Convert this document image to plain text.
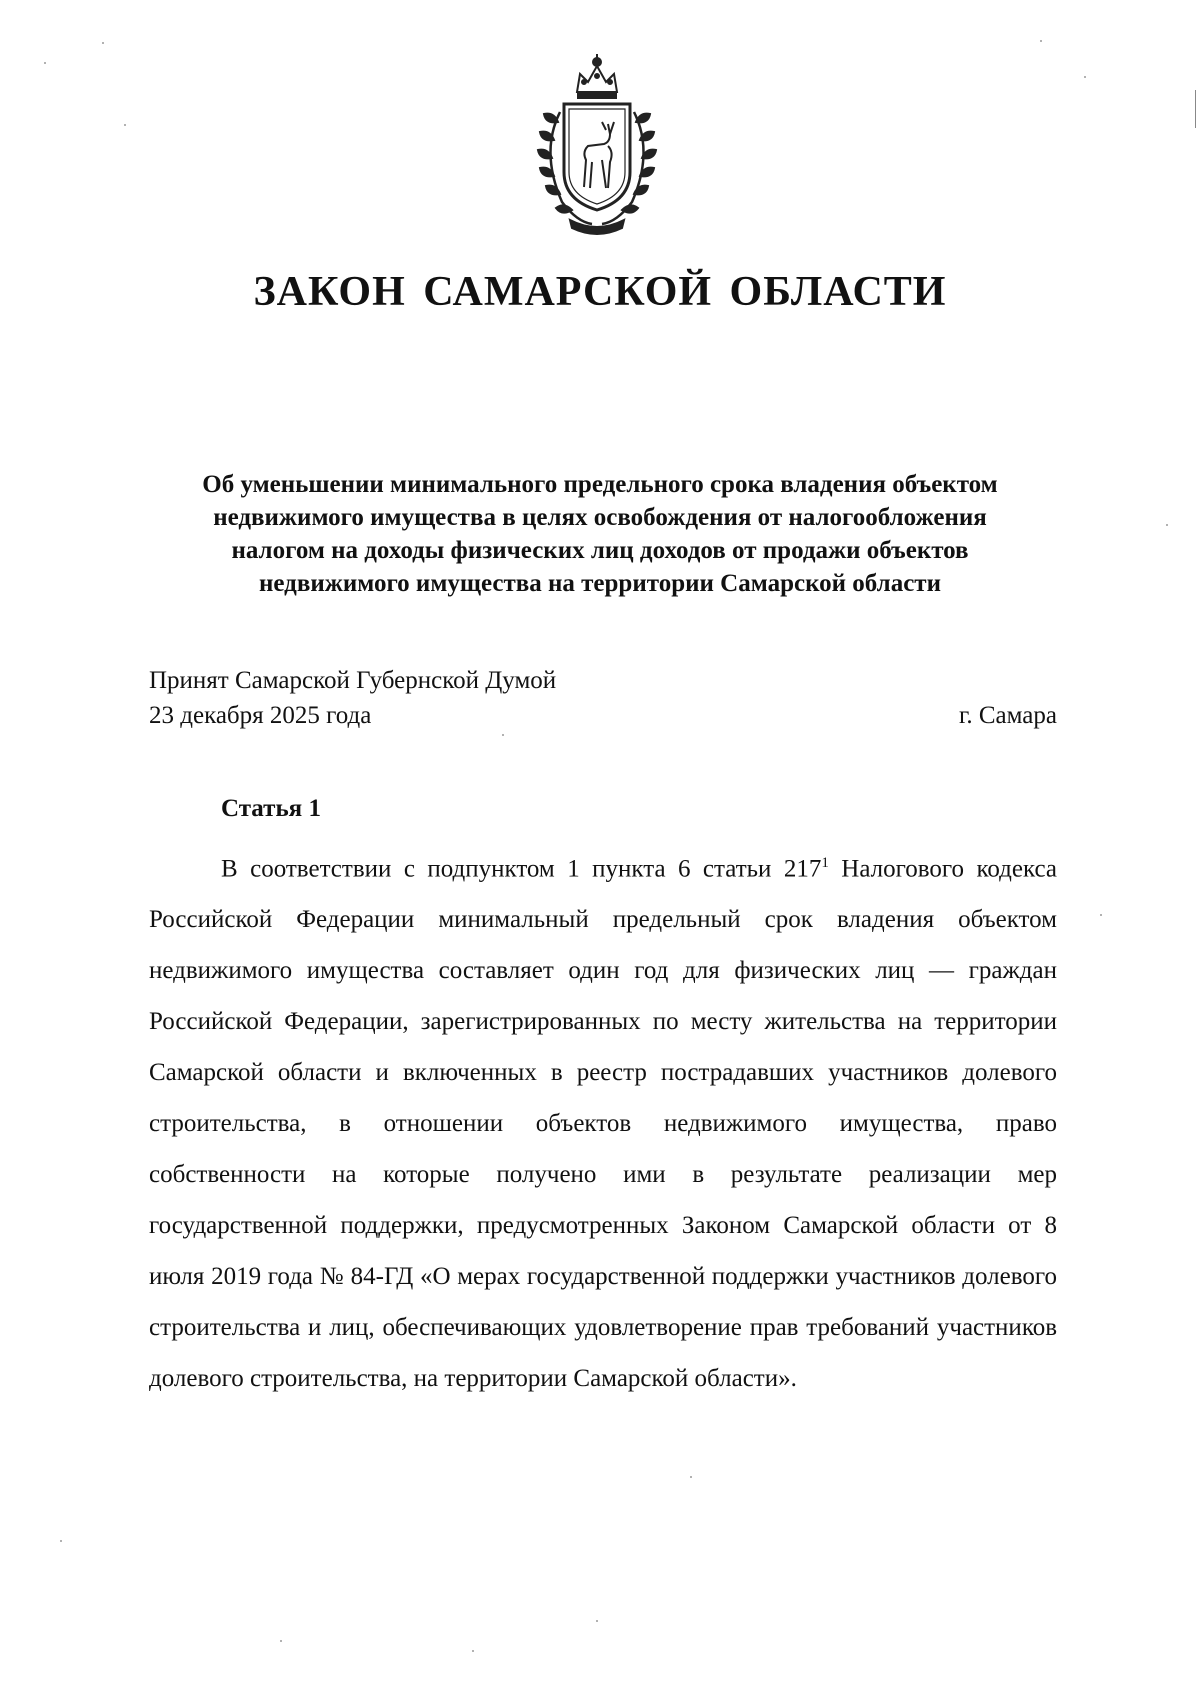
ЗАКОН САМАРСКОЙ ОБЛАСТИ
Об уменьшении минимального предельного срока владения объектом
недвижимого имущества в целях освобождения от налогообложения
налогом на доходы физических лиц доходов от продажи объектов
недвижимого имущества на территории Самарской области
Принят Самарской Губернской Думой
23 декабря 2025 года	г. Самара
Статья 1

В соответствии с подпунктом 1 пункта 6 статьи $217^1$ Налогового кодекса Российской Федерации минимальный предельный срок владения объектом недвижимого имущества составляет один год для физических лиц — граждан Российской Федерации, зарегистрированных по месту жительства на территории Самарской области и включенных в реестр пострадавших участников долевого строительства, в отношении объектов недвижимого имущества, право собственности на которые получено ими в результате реализации мер государственной поддержки, предусмотренных Законом Самарской области от 8 июля 2019 года № 84-ГД «О мерах государственной поддержки участников долевого строительства и лиц, обеспечивающих удовлетворение прав требований участников долевого строительства, на территории Самарской области».
